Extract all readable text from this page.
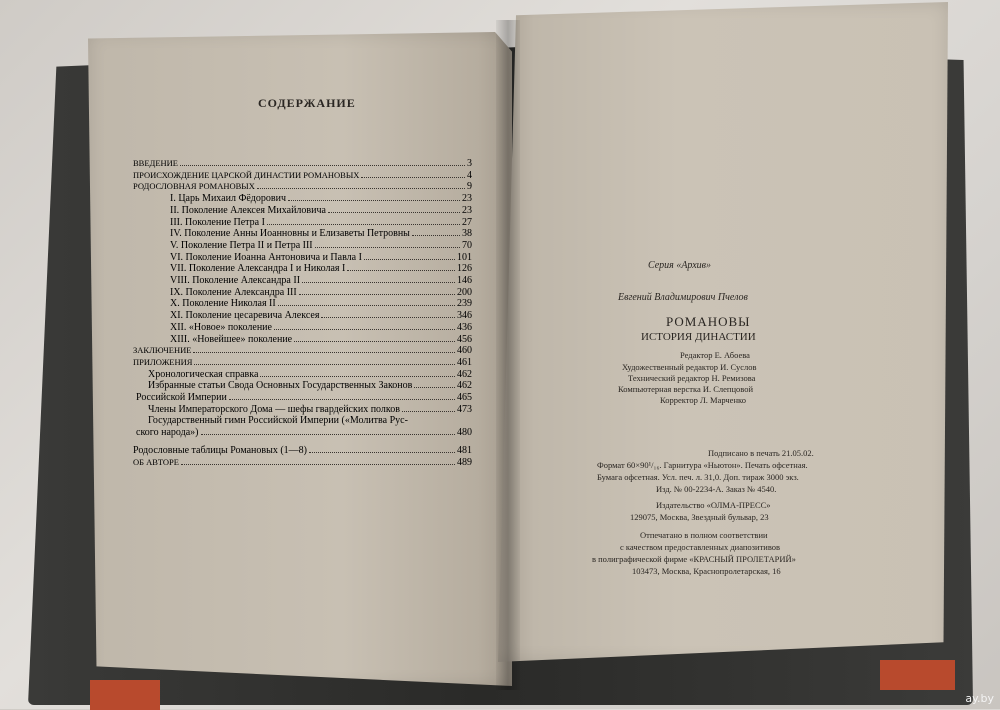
СОДЕРЖАНИЕ
ВВЕДЕНИЕ	3
ПРОИСХОЖДЕНИЕ ЦАРСКОЙ ДИНАСТИИ РОМАНОВЫХ	4
РОДОСЛОВНАЯ РОМАНОВЫХ	9
I. Царь Михаил Фёдорович	23
II. Поколение Алексея Михайловича	23
III. Поколение Петра I	27
IV. Поколение Анны Иоанновны и Елизаветы Петровны	38
V. Поколение Петра II и Петра III	70
VI. Поколение Иоанна Антоновича и Павла I	101
VII. Поколение Александра I и Николая I	126
VIII. Поколение Александра II	146
IX. Поколение Александра III	200
X. Поколение Николая II	239
XI. Поколение цесаревича Алексея	346
XII. «Новое» поколение	436
XIII. «Новейшее» поколение	456
ЗАКЛЮЧЕНИЕ	460
ПРИЛОЖЕНИЯ	461
Хронологическая справка	462
Избранные статьи Свода Основных Государственных Законов	462
Российской Империи	465
Члены Императорского Дома — шефы гвардейских полков	473
Государственный гимн Российской Империи («Молитва Рус-
ского народа»)	480
Родословные таблицы Романовых (1—8)	481
ОБ АВТОРЕ	489
Серия «Архив»
Евгений Владимирович Пчелов
РОМАНОВЫ
ИСТОРИЯ ДИНАСТИИ
Редактор Е. Абоева
Художественный редактор И. Суслов
Технический редактор Н. Ремизова
Компьютерная верстка И. Слепцовой
Корректор Л. Марченко
Подписано в печать 21.05.02.
Формат 60×90¹/₁₆. Гарнитура «Ньютон». Печать офсетная.
Бумага офсетная. Усл. печ. л. 31,0. Доп. тираж 3000 экз.
Изд. № 00-2234-А. Заказ № 4540.
Издательство «ОЛМА-ПРЕСС»
129075, Москва, Звездный бульвар, 23
Отпечатано в полном соответствии
с качеством предоставленных диапозитивов
в полиграфической фирме «КРАСНЫЙ ПРОЛЕТАРИЙ»
103473, Москва, Краснопролетарская, 16
ay.by
